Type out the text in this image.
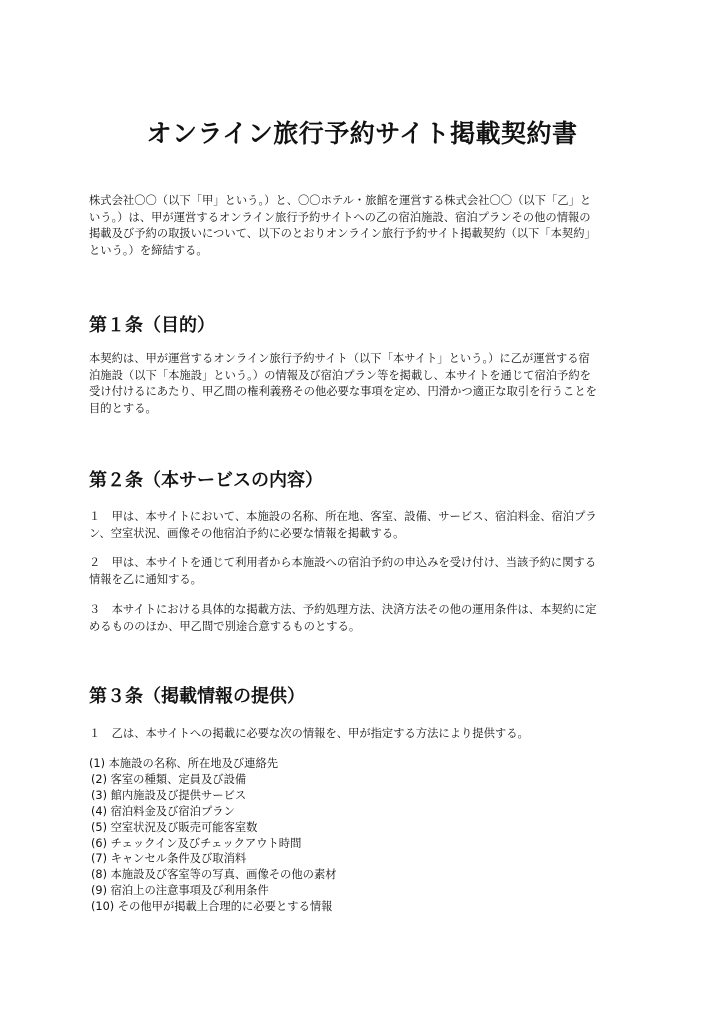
オンライン旅行予約サイト掲載契約書

株式会社〇〇（以下「甲」という。）と、〇〇ホテル・旅館を運営する株式会社〇〇（以下「乙」と
いう。）は、甲が運営するオンライン旅行予約サイトへの乙の宿泊施設、宿泊プランその他の情報の
掲載及び予約の取扱いについて、以下のとおりオンライン旅行予約サイト掲載契約（以下「本契約」
という。）を締結する。

第１条（目的）

本契約は、甲が運営するオンライン旅行予約サイト（以下「本サイト」という。）に乙が運営する宿
泊施設（以下「本施設」という。）の情報及び宿泊プラン等を掲載し、本サイトを通じて宿泊予約を
受け付けるにあたり、甲乙間の権利義務その他必要な事項を定め、円滑かつ適正な取引を行うことを
目的とする。

第２条（本サービスの内容）

１　甲は、本サイトにおいて、本施設の名称、所在地、客室、設備、サービス、宿泊料金、宿泊プラ
ン、空室状況、画像その他宿泊予約に必要な情報を掲載する。

２　甲は、本サイトを通じて利用者から本施設への宿泊予約の申込みを受け付け、当該予約に関する
情報を乙に通知する。

３　本サイトにおける具体的な掲載方法、予約処理方法、決済方法その他の運用条件は、本契約に定
めるもののほか、甲乙間で別途合意するものとする。

第３条（掲載情報の提供）

１　乙は、本サイトへの掲載に必要な次の情報を、甲が指定する方法により提供する。

(1) 本施設の名称、所在地及び連絡先
(2) 客室の種類、定員及び設備
(3) 館内施設及び提供サービス
(4) 宿泊料金及び宿泊プラン
(5) 空室状況及び販売可能客室数
(6) チェックイン及びチェックアウト時間
(7) キャンセル条件及び取消料
(8) 本施設及び客室等の写真、画像その他の素材
(9) 宿泊上の注意事項及び利用条件
(10) その他甲が掲載上合理的に必要とする情報
